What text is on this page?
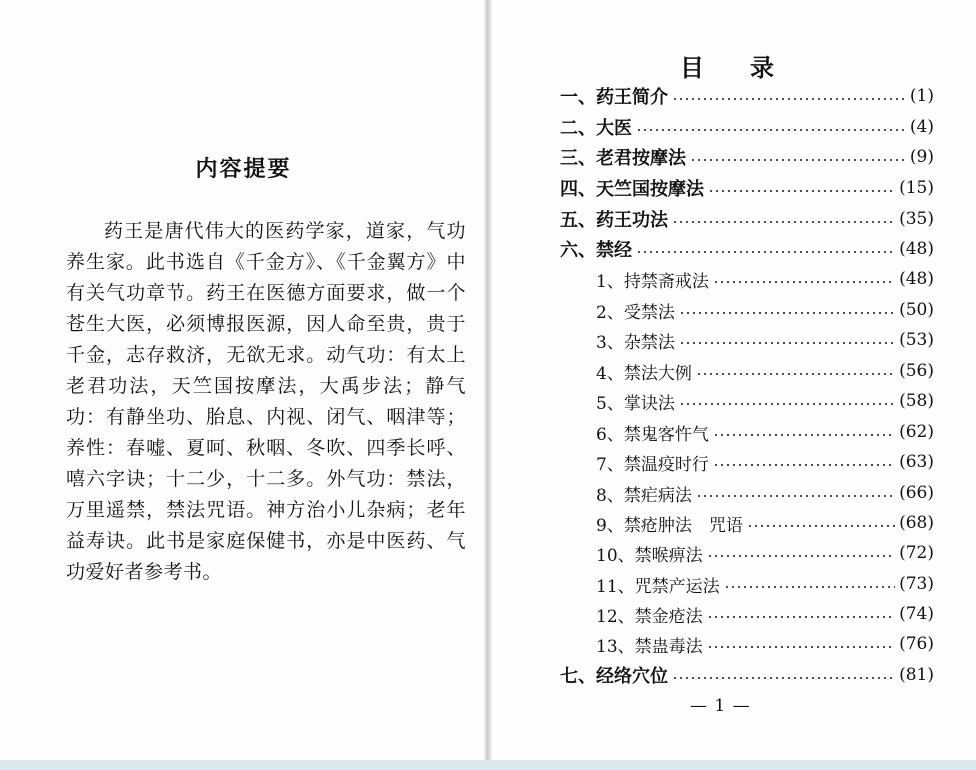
内容提要
药王是唐代伟大的医药学家，道家，气功养生家。此书选自《千金方》、《千金翼方》中有关气功章节。药王在医德方面要求，做一个苍生大医，必须博报医源，因人命至贵，贵于千金，志存救济，无欲无求。动气功：有太上老君功法，天竺国按摩法，大禹步法；静气功：有静坐功、胎息、内视、闭气、咽津等；养性：春嘘、夏呵、秋咽、冬吹、四季长呼、嘻六字诀；十二少，十二多。外气功：禁法，万里遥禁，禁法咒语。神方治小儿杂病；老年益寿诀。此书是家庭保健书，亦是中医药、气功爱好者参考书。
目 录
一、药王简介	(1)
二、大医	(4)
三、老君按摩法	(9)
四、天竺国按摩法	(15)
五、药王功法	(35)
六、禁经	(48)
1、持禁斋戒法	(48)
2、受禁法	(50)
3、杂禁法	(53)
4、禁法大例	(56)
5、掌诀法	(58)
6、禁鬼客忤气	(62)
7、禁温疫时行	(63)
8、禁疟病法	(66)
9、禁疮肿法　咒语	(68)
10、禁喉痹法	(72)
11、咒禁产运法	(73)
12、禁金疮法	(74)
13、禁蛊毒法	(76)
七、经络穴位	(81)
— 1 —
